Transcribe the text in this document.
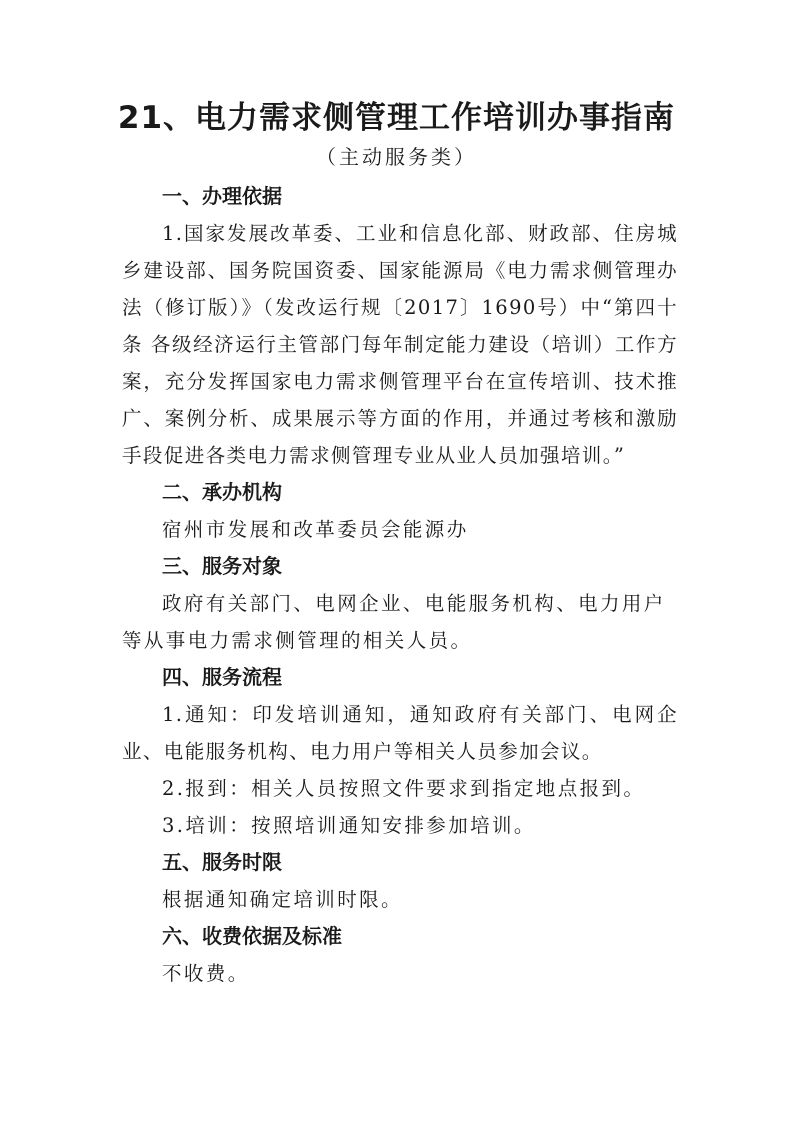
21、电力需求侧管理工作培训办事指南
（主动服务类）

一、办理依据

1.国家发展改革委、工业和信息化部、财政部、住房城乡建设部、国务院国资委、国家能源局《电力需求侧管理办法（修订版）》（发改运行规〔2017〕1690号）中“第四十条 各级经济运行主管部门每年制定能力建设（培训）工作方案，充分发挥国家电力需求侧管理平台在宣传培训、技术推广、案例分析、成果展示等方面的作用，并通过考核和激励手段促进各类电力需求侧管理专业从业人员加强培训。”

二、承办机构

宿州市发展和改革委员会能源办

三、服务对象

政府有关部门、电网企业、电能服务机构、电力用户等从事电力需求侧管理的相关人员。

四、服务流程

1.通知：印发培训通知，通知政府有关部门、电网企业、电能服务机构、电力用户等相关人员参加会议。

2.报到：相关人员按照文件要求到指定地点报到。

3.培训：按照培训通知安排参加培训。

五、服务时限

根据通知确定培训时限。

六、收费依据及标准

不收费。
